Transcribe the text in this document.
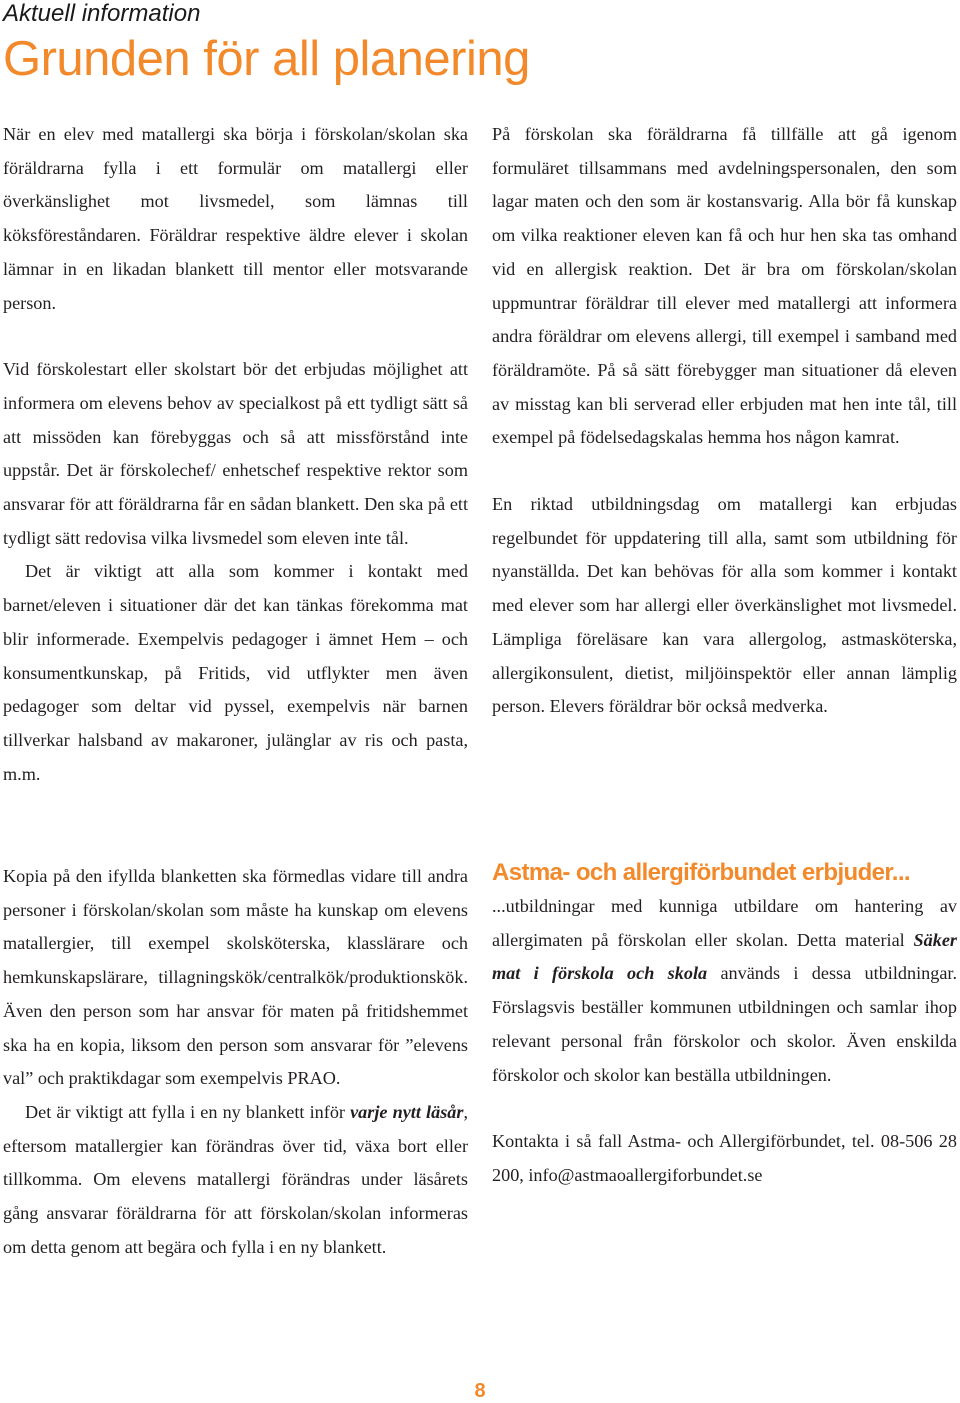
Aktuell information
Grunden för all planering

När en elev med matallergi ska börja i förskolan/skolan ska föräldrarna fylla i ett formulär om matallergi eller överkänslighet mot livsmedel, som lämnas till köksföreståndaren. Föräldrar respektive äldre elever i skolan lämnar in en likadan blankett till mentor eller motsvarande person.

Vid förskolestart eller skolstart bör det erbjudas möjlighet att informera om elevens behov av specialkost på ett tydligt sätt så att missöden kan förebyggas och så att missförstånd inte uppstår. Det är förskolechef/ enhetschef respektive rektor som ansvarar för att föräldrarna får en sådan blankett. Den ska på ett tydligt sätt redovisa vilka livsmedel som eleven inte tål.

Det är viktigt att alla som kommer i kontakt med barnet/eleven i situationer där det kan tänkas förekomma mat blir informerade. Exempelvis pedagoger i ämnet Hem – och konsumentkunskap, på Fritids, vid utflykter men även pedagoger som deltar vid pyssel, exempelvis när barnen tillverkar halsband av makaroner, julänglar av ris och pasta, m.m.

Kopia på den ifyllda blanketten ska förmedlas vidare till andra personer i förskolan/skolan som måste ha kunskap om elevens matallergier, till exempel skolsköterska, klasslärare och hemkunskapslärare, tillagningskök/centralkök/produktionskök. Även den person som har ansvar för maten på fritidshemmet ska ha en kopia, liksom den person som ansvarar för ”elevens val” och praktikdagar som exempelvis PRAO.

Det är viktigt att fylla i en ny blankett inför varje nytt läsår, eftersom matallergier kan förändras över tid, växa bort eller tillkomma. Om elevens matallergi förändras under läsårets gång ansvarar föräldrarna för att förskolan/skolan informeras om detta genom att begära och fylla i en ny blankett.

På förskolan ska föräldrarna få tillfälle att gå igenom formuläret tillsammans med avdelningspersonalen, den som lagar maten och den som är kostansvarig. Alla bör få kunskap om vilka reaktioner eleven kan få och hur hen ska tas omhand vid en allergisk reaktion. Det är bra om förskolan/skolan uppmuntrar föräldrar till elever med matallergi att informera andra föräldrar om elevens allergi, till exempel i samband med föräldramöte. På så sätt förebygger man situationer då eleven av misstag kan bli serverad eller erbjuden mat hen inte tål, till exempel på födelsedagskalas hemma hos någon kamrat.

En riktad utbildningsdag om matallergi kan erbjudas regelbundet för uppdatering till alla, samt som utbildning för nyanställda. Det kan behövas för alla som kommer i kontakt med elever som har allergi eller överkänslighet mot livsmedel. Lämpliga föreläsare kan vara allergolog, astmasköterska, allergikonsulent, dietist, miljöinspektör eller annan lämplig person. Elevers föräldrar bör också medverka.

Astma- och allergiförbundet erbjuder...

...utbildningar med kunniga utbildare om hantering av allergimaten på förskolan eller skolan. Detta material Säker mat i förskola och skola används i dessa utbildningar. Förslagsvis beställer kommunen utbildningen och samlar ihop relevant personal från förskolor och skolor. Även enskilda förskolor och skolor kan beställa utbildningen.

Kontakta i så fall Astma- och Allergiförbundet, tel. 08-506 28 200, info@astmaoallergiforbundet.se

8
